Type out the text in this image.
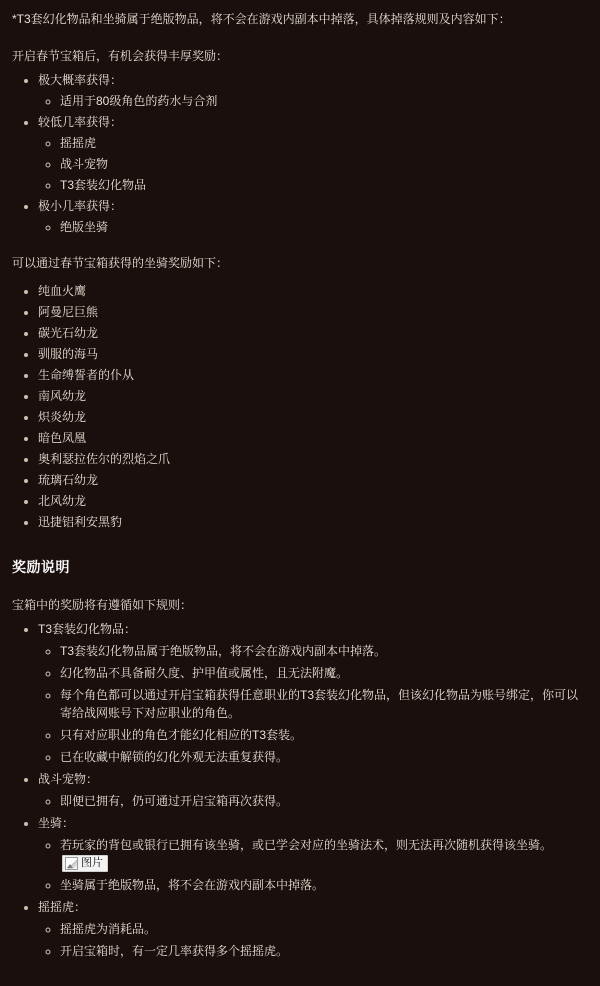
*T3套幻化物品和坐骑属于绝版物品，将不会在游戏内副本中掉落，具体掉落规则及内容如下：

开启春节宝箱后，有机会获得丰厚奖励：

• 极大概率获得：
◦ 适用于80级角色的药水与合剂
• 较低几率获得：
◦ 摇摇虎
◦ 战斗宠物
◦ T3套装幻化物品
• 极小几率获得：
◦ 绝版坐骑

可以通过春节宝箱获得的坐骑奖励如下：

• 纯血火鹰
• 阿曼尼巨熊
• 碳光石幼龙
• 驯服的海马
• 生命缚誓者的仆从
• 南风幼龙
• 炽炎幼龙
• 暗色凤凰
• 奥利瑟拉佐尔的烈焰之爪
• 琉璃石幼龙
• 北风幼龙
• 迅捷铝利安黑豹
奖励说明

宝箱中的奖励将有遵循如下规则：

• T3套装幻化物品：
◦ T3套装幻化物品属于绝版物品，将不会在游戏内副本中掉落。
◦ 幻化物品不具备耐久度、护甲值或属性，且无法附魔。
◦ 每个角色都可以通过开启宝箱获得任意职业的T3套装幻化物品，但该幻化物品为账号绑定，你可以寄给战网账号下对应职业的角色。
◦ 只有对应职业的角色才能幻化相应的T3套装。
◦ 已在收藏中解锁的幻化外观无法重复获得。
• 战斗宠物：
◦ 即便已拥有，仍可通过开启宝箱再次获得。
• 坐骑：
◦ 若玩家的背包或银行已拥有该坐骑，或已学会对应的坐骑法术，则无法再次随机获得该坐骑。
图片
◦ 坐骑属于绝版物品，将不会在游戏内副本中掉落。
• 摇摇虎：
◦ 摇摇虎为消耗品。
◦ 开启宝箱时，有一定几率获得多个摇摇虎。
